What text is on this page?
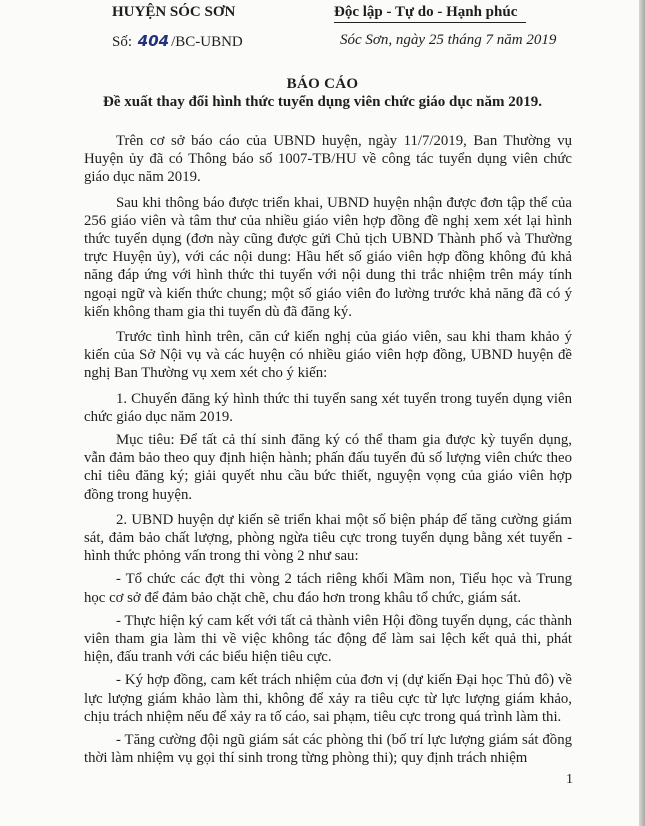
HUYỆN SÓC SƠN	Độc lập - Tự do - Hạnh phúc
Số: 404 /BC-UBND	Sóc Sơn, ngày 25 tháng 7 năm 2019
BÁO CÁO
Đề xuất thay đổi hình thức tuyển dụng viên chức giáo dục năm 2019.

Trên cơ sở báo cáo của UBND huyện, ngày 11/7/2019, Ban Thường vụ Huyện ủy đã có Thông báo số 1007-TB/HU về công tác tuyển dụng viên chức giáo dục năm 2019.

Sau khi thông báo được triển khai, UBND huyện nhận được đơn tập thể của 256 giáo viên và tâm thư của nhiều giáo viên hợp đồng đề nghị xem xét lại hình thức tuyển dụng (đơn này cũng được gửi Chủ tịch UBND Thành phố và Thường trực Huyện ủy), với các nội dung: Hầu hết số giáo viên hợp đồng không đủ khả năng đáp ứng với hình thức thi tuyển với nội dung thi trắc nhiệm trên máy tính ngoại ngữ và kiến thức chung; một số giáo viên đo lường trước khả năng đã có ý kiến không tham gia thi tuyển dù đã đăng ký.

Trước tình hình trên, căn cứ kiến nghị của giáo viên, sau khi tham khảo ý kiến của Sở Nội vụ và các huyện có nhiều giáo viên hợp đồng, UBND huyện đề nghị Ban Thường vụ xem xét cho ý kiến:

1. Chuyển đăng ký hình thức thi tuyển sang xét tuyển trong tuyển dụng viên chức giáo dục năm 2019.

Mục tiêu: Để tất cả thí sinh đăng ký có thể tham gia được kỳ tuyển dụng, vẫn đảm bảo theo quy định hiện hành; phấn đấu tuyển đủ số lượng viên chức theo chỉ tiêu đăng ký; giải quyết nhu cầu bức thiết, nguyện vọng của giáo viên hợp đồng trong huyện.

2. UBND huyện dự kiến sẽ triển khai một số biện pháp để tăng cường giám sát, đảm bảo chất lượng, phòng ngừa tiêu cực trong tuyển dụng bằng xét tuyển - hình thức phỏng vấn trong thi vòng 2 như sau:

- Tổ chức các đợt thi vòng 2 tách riêng khối Mầm non, Tiểu học và Trung học cơ sở để đảm bảo chặt chẽ, chu đáo hơn trong khâu tổ chức, giám sát.

- Thực hiện ký cam kết với tất cả thành viên Hội đồng tuyển dụng, các thành viên tham gia làm thi về việc không tác động để làm sai lệch kết quả thi, phát hiện, đấu tranh với các biểu hiện tiêu cực.

- Ký hợp đồng, cam kết trách nhiệm của đơn vị (dự kiến Đại học Thủ đô) về lực lượng giám khảo làm thi, không để xảy ra tiêu cực từ lực lượng giám khảo, chịu trách nhiệm nếu để xảy ra tố cáo, sai phạm, tiêu cực trong quá trình làm thi.

- Tăng cường đội ngũ giám sát các phòng thi (bố trí lực lượng giám sát đồng thời làm nhiệm vụ gọi thí sinh trong từng phòng thi); quy định trách nhiệm

1
